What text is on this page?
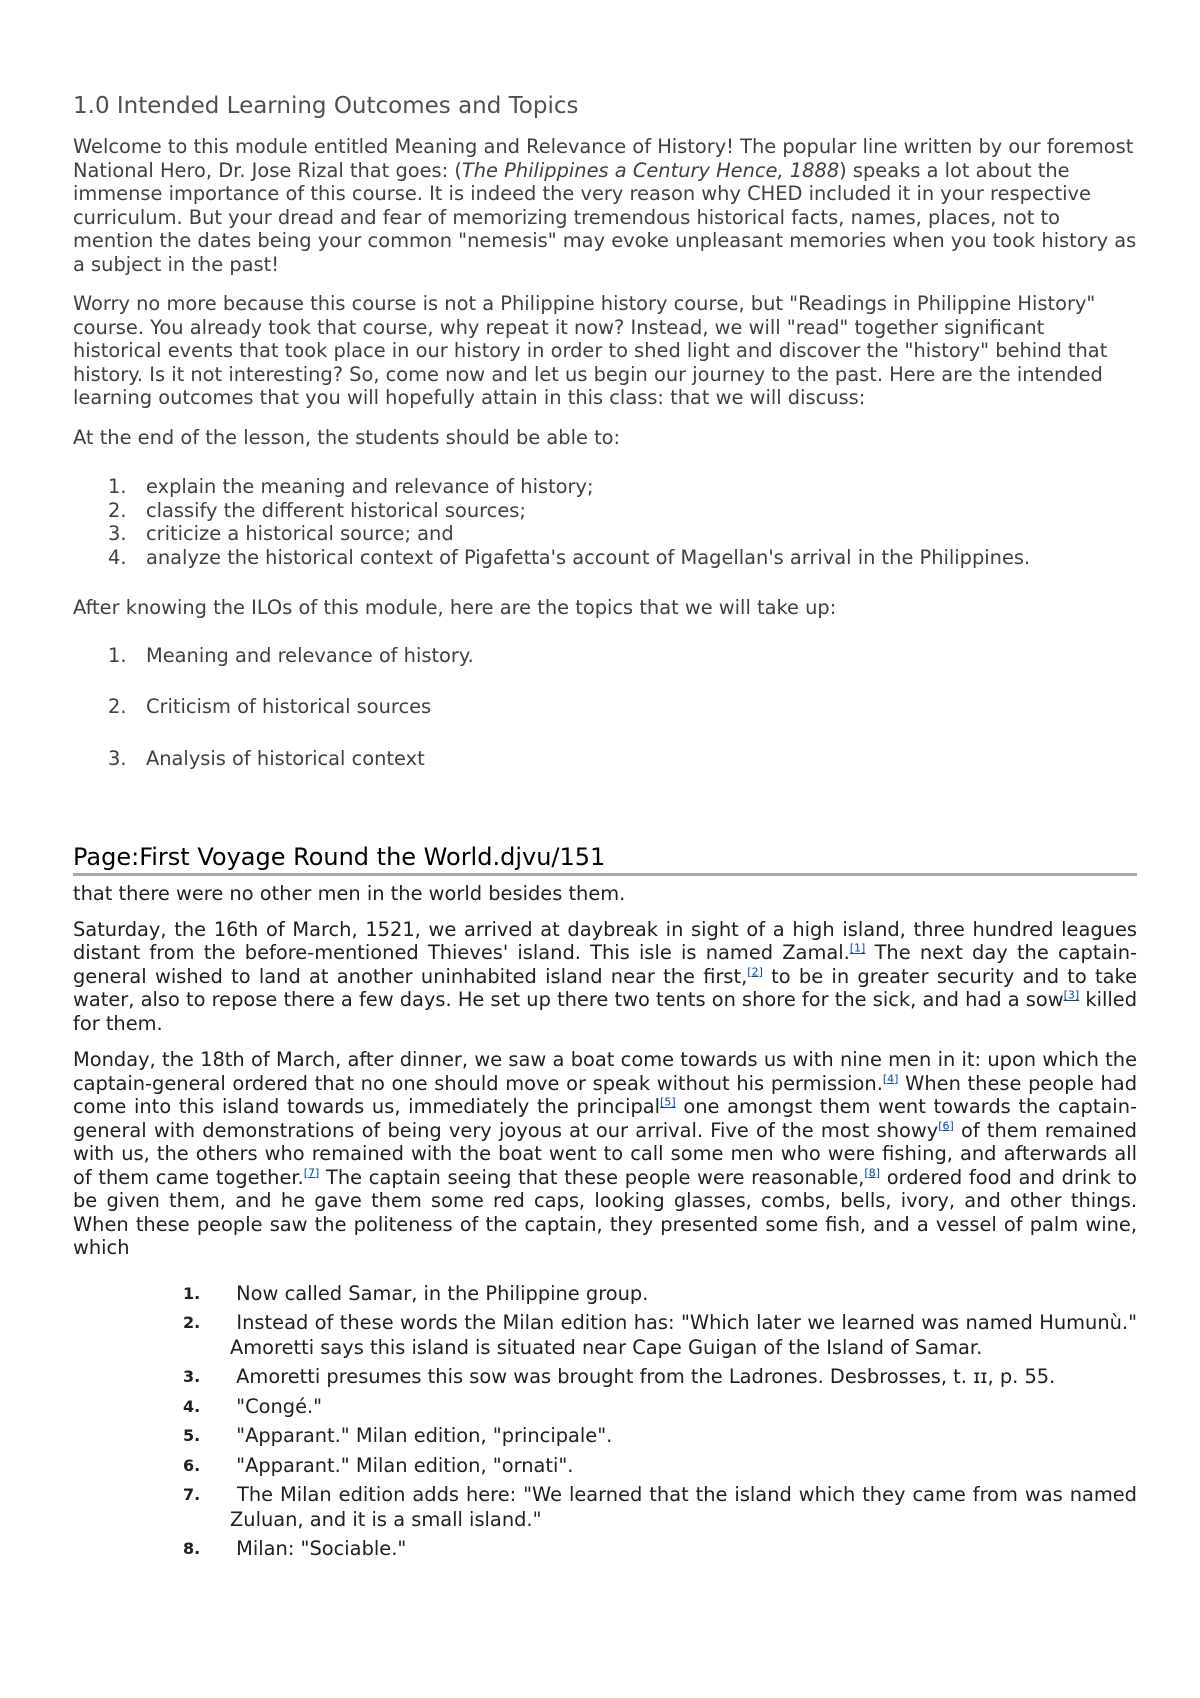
1.0 Intended Learning Outcomes and Topics

Welcome to this module entitled Meaning and Relevance of History! The popular line written by our foremost National Hero, Dr. Jose Rizal that goes: (The Philippines a Century Hence, 1888) speaks a lot about the immense importance of this course. It is indeed the very reason why CHED included it in your respective curriculum. But your dread and fear of memorizing tremendous historical facts, names, places, not to mention the dates being your common "nemesis" may evoke unpleasant memories when you took history as a subject in the past!

Worry no more because this course is not a Philippine history course, but "Readings in Philippine History" course. You already took that course, why repeat it now? Instead, we will "read" together significant historical events that took place in our history in order to shed light and discover the "history" behind that history. Is it not interesting? So, come now and let us begin our journey to the past. Here are the intended learning outcomes that you will hopefully attain in this class: that we will discuss:

At the end of the lesson, the students should be able to:

1. explain the meaning and relevance of history;
2. classify the different historical sources;
3. criticize a historical source; and
4. analyze the historical context of Pigafetta's account of Magellan's arrival in the Philippines.

After knowing the ILOs of this module, here are the topics that we will take up:

1. Meaning and relevance of history.
2. Criticism of historical sources
3. Analysis of historical context
Page:First Voyage Round the World.djvu/151

that there were no other men in the world besides them.

Saturday, the 16th of March, 1521, we arrived at daybreak in sight of a high island, three hundred leagues distant from the before-mentioned Thieves' island. This isle is named Zamal.[1] The next day the captain-general wished to land at another uninhabited island near the first,[2] to be in greater security and to take water, also to repose there a few days. He set up there two tents on shore for the sick, and had a sow[3] killed for them.

Monday, the 18th of March, after dinner, we saw a boat come towards us with nine men in it: upon which the captain-general ordered that no one should move or speak without his permission.[4] When these people had come into this island towards us, immediately the principal[5] one amongst them went towards the captain-general with demonstrations of being very joyous at our arrival. Five of the most showy[6] of them remained with us, the others who remained with the boat went to call some men who were fishing, and afterwards all of them came together.[7] The captain seeing that these people were reasonable,[8] ordered food and drink to be given them, and he gave them some red caps, looking glasses, combs, bells, ivory, and other things. When these people saw the politeness of the captain, they presented some fish, and a vessel of palm wine, which

1. Now called Samar, in the Philippine group.
2. Instead of these words the Milan edition has: "Which later we learned was named Humunù." Amoretti says this island is situated near Cape Guigan of the Island of Samar.
3. Amoretti presumes this sow was brought from the Ladrones. Desbrosses, t. ɪɪ, p. 55.
4. "Congé."
5. "Apparant." Milan edition, "principale".
6. "Apparant." Milan edition, "ornati".
7. The Milan edition adds here: "We learned that the island which they came from was named Zuluan, and it is a small island."
8. Milan: "Sociable."
